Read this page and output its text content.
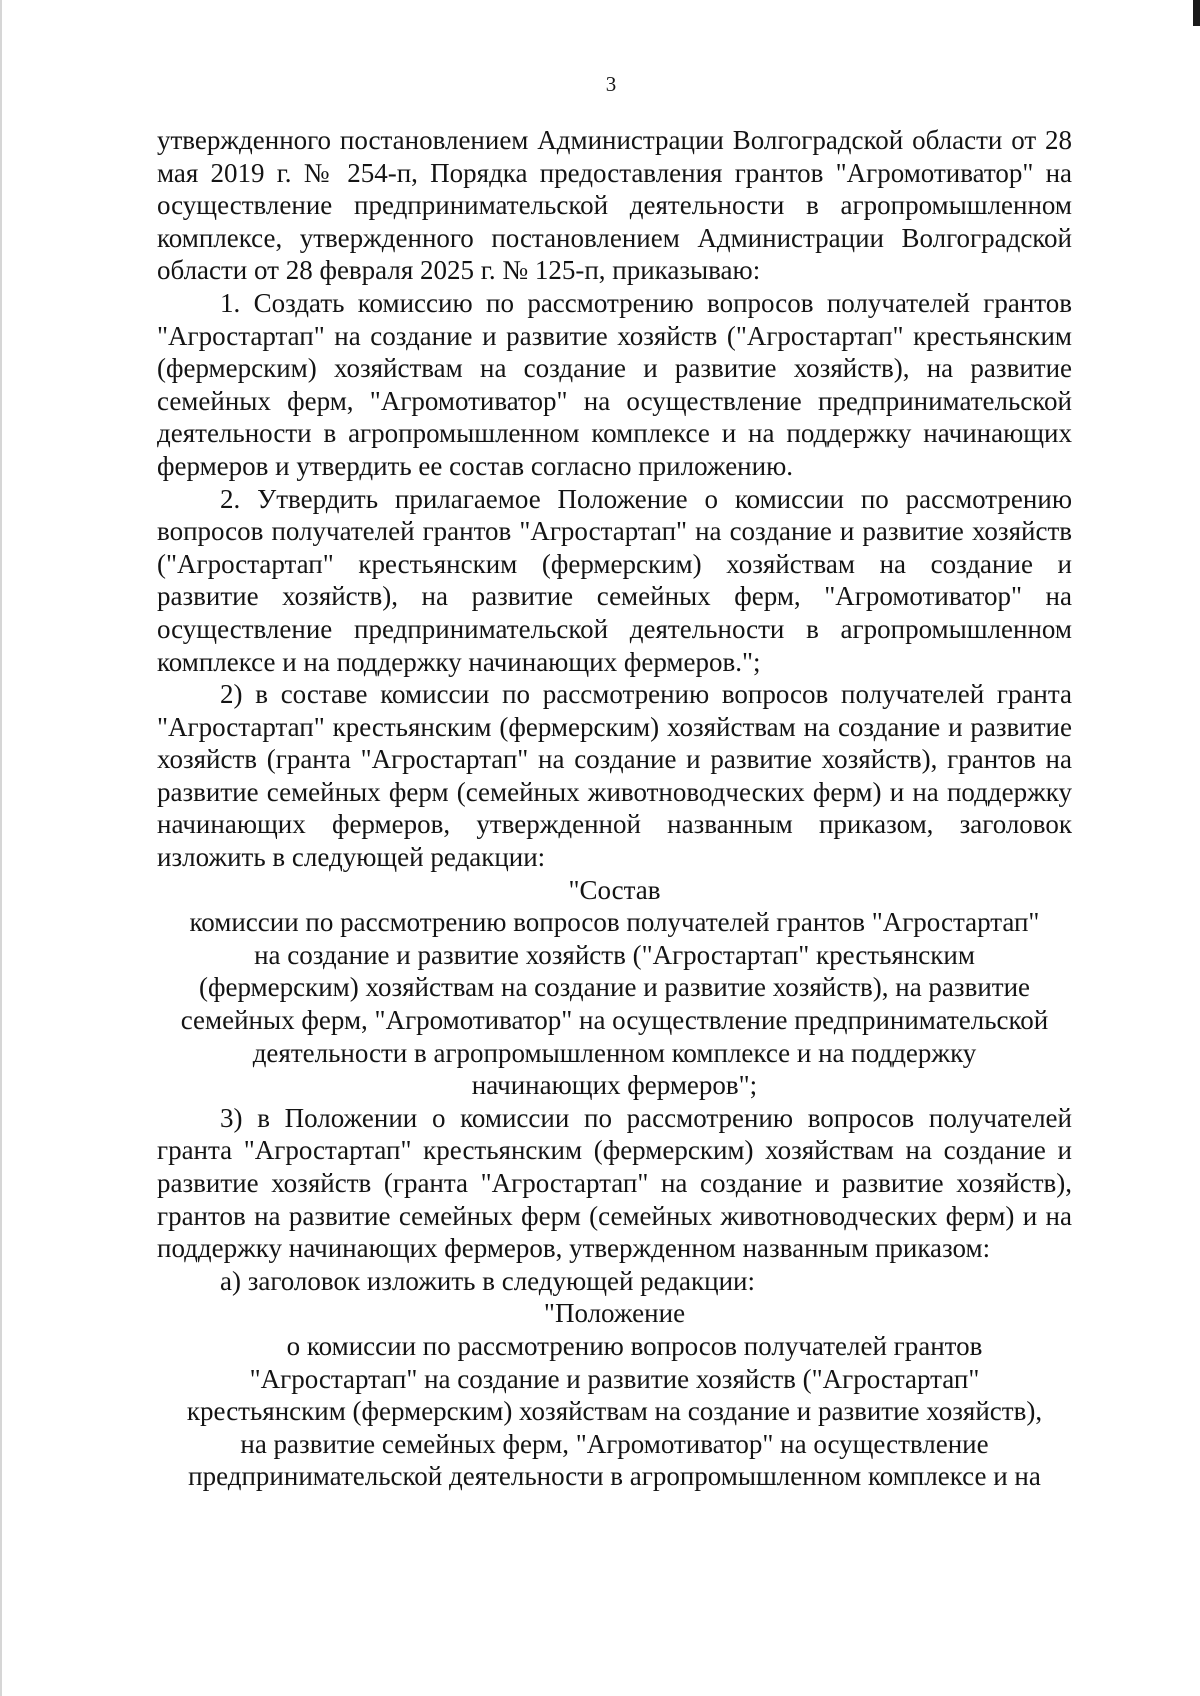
3

утвержденного постановлением Администрации Волгоградской области от 28 мая 2019 г. № 254-п, Порядка предоставления грантов "Агромотиватор" на осуществление предпринимательской деятельности в агропромышленном комплексе, утвержденного постановлением Администрации Волгоградской области от 28 февраля 2025 г. № 125-п, приказываю:

1. Создать комиссию по рассмотрению вопросов получателей грантов "Агростартап" на создание и развитие хозяйств ("Агростартап" крестьянским (фермерским) хозяйствам на создание и развитие хозяйств), на развитие семейных ферм, "Агромотиватор" на осуществление предпринимательской деятельности в агропромышленном комплексе и на поддержку начинающих фермеров и утвердить ее состав согласно приложению.

2. Утвердить прилагаемое Положение о комиссии по рассмотрению вопросов получателей грантов "Агростартап" на создание и развитие хозяйств ("Агростартап" крестьянским (фермерским) хозяйствам на создание и развитие хозяйств), на развитие семейных ферм, "Агромотиватор" на осуществление предпринимательской деятельности в агропромышленном комплексе и на поддержку начинающих фермеров.";

2) в составе комиссии по рассмотрению вопросов получателей гранта "Агростартап" крестьянским (фермерским) хозяйствам на создание и развитие хозяйств (гранта "Агростартап" на создание и развитие хозяйств), грантов на развитие семейных ферм (семейных животноводческих ферм) и на поддержку начинающих фермеров, утвержденной названным приказом, заголовок изложить в следующей редакции:

"Состав

комиссии по рассмотрению вопросов получателей грантов "Агростартап"

на создание и развитие хозяйств ("Агростартап" крестьянским

(фермерским) хозяйствам на создание и развитие хозяйств), на развитие

семейных ферм, "Агромотиватор" на осуществление предпринимательской

деятельности в агропромышленном комплексе и на поддержку

начинающих фермеров";

3) в Положении о комиссии по рассмотрению вопросов получателей гранта "Агростартап" крестьянским (фермерским) хозяйствам на создание и развитие хозяйств (гранта "Агростартап" на создание и развитие хозяйств), грантов на развитие семейных ферм (семейных животноводческих ферм) и на поддержку начинающих фермеров, утвержденном названным приказом:

а) заголовок изложить в следующей редакции:

"Положение

о комиссии по рассмотрению вопросов получателей грантов

"Агростартап" на создание и развитие хозяйств ("Агростартап"

крестьянским (фермерским) хозяйствам на создание и развитие хозяйств),

на развитие семейных ферм, "Агромотиватор" на осуществление

предпринимательской деятельности в агропромышленном комплексе и на
